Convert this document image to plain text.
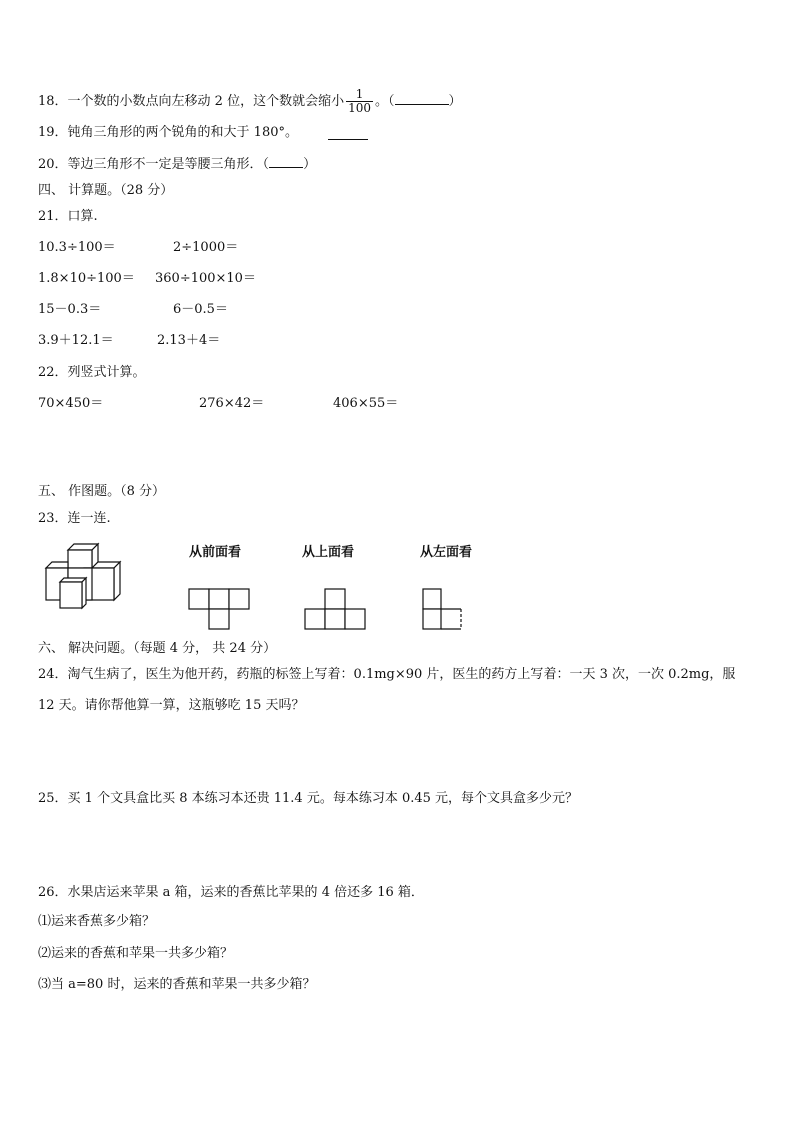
18．一个数的小数点向左移动 2 位，这个数就会缩小 $\frac{1}{100}$ 。（	）
19．钝角三角形的两个锐角的和大于 180°。
20．等边三角形不一定是等腰三角形．（	）
四、 计算题。（28 分）
21．口算.
10.3÷100＝	2÷1000＝
1.8×10÷100＝ 360÷100×10＝
15－0.3＝	6－0.5＝
3.9＋12.1＝	2.13＋4＝
22．列竖式计算。
70×450＝	276×42＝	406×55＝
五、 作图题。（8 分）
23．连一连.
从前面看	从上面看	从左面看
六、 解决问题。（每题 4 分， 共 24 分）
24．淘气生病了，医生为他开药，药瓶的标签上写着：0.1mg×90 片，医生的药方上写着：一天 3 次，一次 0.2mg，服
12 天。请你帮他算一算，这瓶够吃 15 天吗？
25．买 1 个文具盒比买 8 本练习本还贵 11.4 元。每本练习本 0.45 元，每个文具盒多少元？
26．水果店运来苹果 a 箱，运来的香蕉比苹果的 4 倍还多 16 箱．
⑴运来香蕉多少箱？
⑵运来的香蕉和苹果一共多少箱？
⑶当 a=80 时，运来的香蕉和苹果一共多少箱？
